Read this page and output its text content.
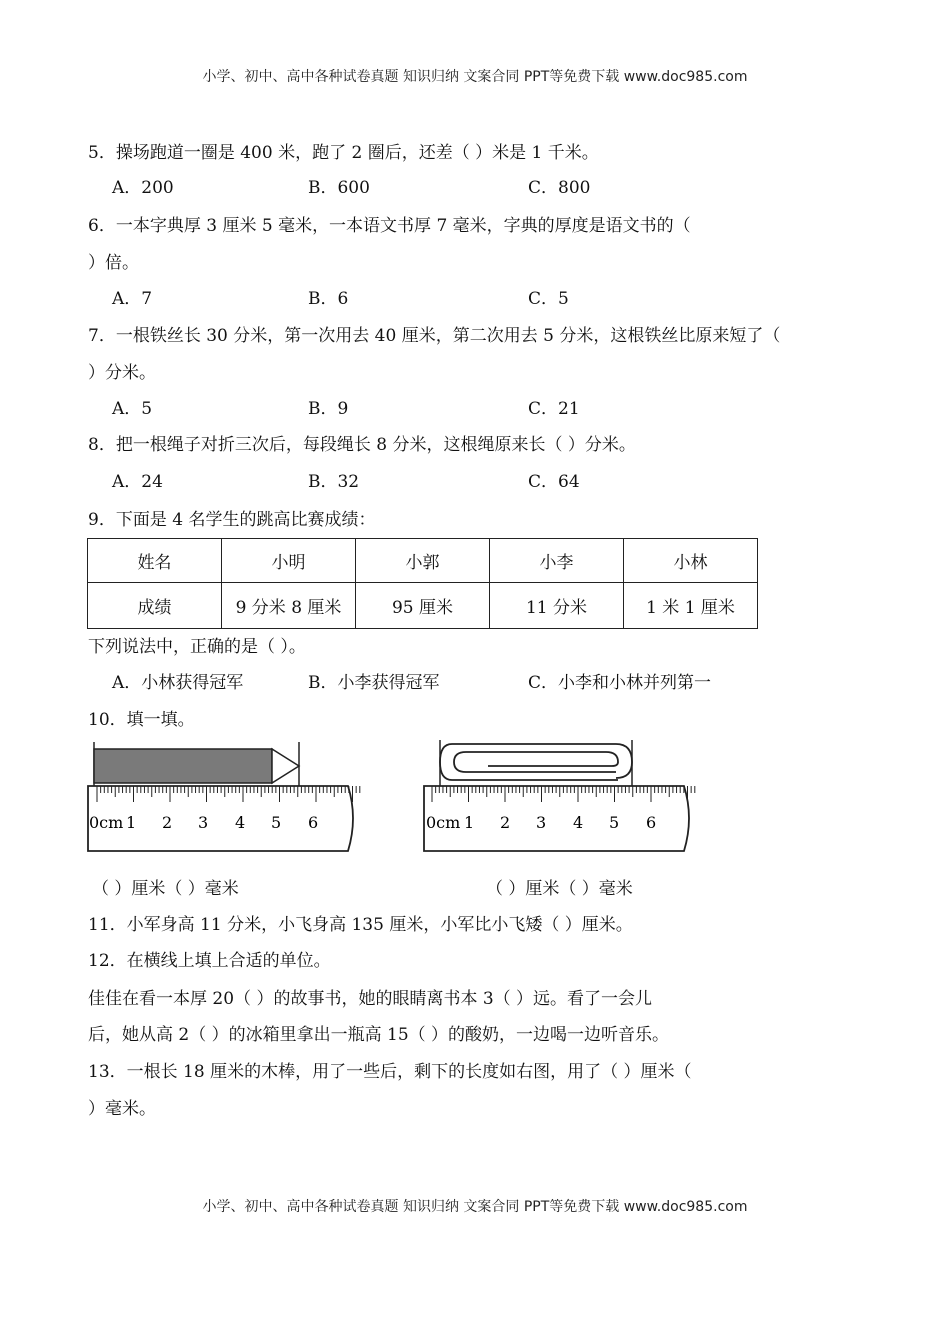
小学、初中、高中各种试卷真题 知识归纳 文案合同 PPT等免费下载 www.doc985.com
5．操场跑道一圈是 400 米，跑了 2 圈后，还差（ ）米是 1 千米。
A．200	B．600	C．800
6．一本字典厚 3 厘米 5 毫米，一本语文书厚 7 毫米，字典的厚度是语文书的（
）倍。
A．7	B．6	C．5
7．一根铁丝长 30 分米，第一次用去 40 厘米，第二次用去 5 分米，这根铁丝比原来短了（
）分米。
A．5	B．9	C．21
8．把一根绳子对折三次后，每段绳长 8 分米，这根绳原来长（ ）分米。
A．24	B．32	C．64
9．下面是 4 名学生的跳高比赛成绩：
姓名	小明	小郭	小李	小林
成绩	9 分米 8 厘米	95 厘米	11 分米	1 米 1 厘米
下列说法中，正确的是（ ）。
A．小林获得冠军	B．小李获得冠军	C．小李和小林并列第一
10．填一填。
0cm 1 2 3 4 5 6	0cm 1 2 3 4 5 6
（ ）厘米（ ）毫米	（ ）厘米（ ）毫米
11．小军身高 11 分米，小飞身高 135 厘米，小军比小飞矮（ ）厘米。
12．在横线上填上合适的单位。
佳佳在看一本厚 20（ ）的故事书，她的眼睛离书本 3（ ）远。看了一会儿
后，她从高 2（ ）的冰箱里拿出一瓶高 15（ ）的酸奶，一边喝一边听音乐。
13．一根长 18 厘米的木棒，用了一些后，剩下的长度如右图，用了（ ）厘米（
）毫米。
小学、初中、高中各种试卷真题 知识归纳 文案合同 PPT等免费下载 www.doc985.com
